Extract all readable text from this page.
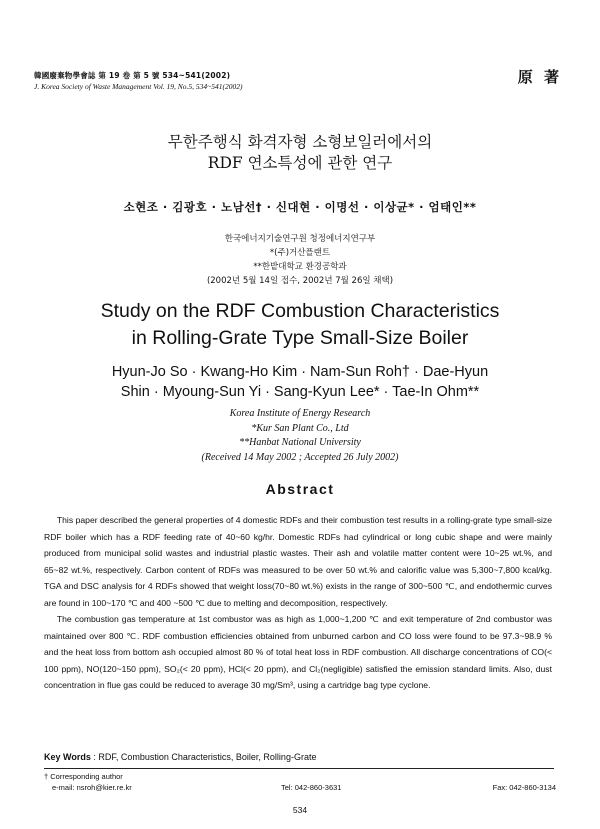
韓國廢棄物學會誌 第 19 卷 第 5 號 534~541(2002)
J. Korea Society of Waste Management Vol. 19, No.5, 534~541(2002)
原 著
무한주행식 화격자형 소형보일러에서의
RDF 연소특성에 관한 연구
소현조 · 김광호 · 노남선† · 신대현 · 이명선 · 이상균* · 엄태인**
한국에너지기술연구원 청정에너지연구부
*(주)거산플랜트
**한밭대학교 환경공학과
(2002년 5월 14일 접수, 2002년 7월 26일 채택)
Study on the RDF Combustion Characteristics
in Rolling-Grate Type Small-Size Boiler
Hyun-Jo So · Kwang-Ho Kim · Nam-Sun Roh† · Dae-Hyun
Shin · Myoung-Sun Yi · Sang-Kyun Lee* · Tae-In Ohm**
Korea Institute of Energy Research
*Kur San Plant Co., Ltd
**Hanbat National University
(Received 14 May 2002 ; Accepted 26 July 2002)
Abstract

This paper described the general properties of 4 domestic RDFs and their combustion test results in a rolling-grate type small-size RDF boiler which has a RDF feeding rate of 40~60 kg/hr. Domestic RDFs had cylindrical or long cubic shape and were mainly produced from municipal solid wastes and industrial plastic wastes. Their ash and volatile matter content were 10~25 wt.%, and 65~82 wt.%, respectively. Carbon content of RDFs was measured to be over 50 wt.% and calorific value was 5,300~7,800 kcal/kg. TGA and DSC analysis for 4 RDFs showed that weight loss(70~80 wt.%) exists in the range of 300~500 ℃, and endothermic curves are found in 100~170 ℃ and 400 ~500 ℃ due to melting and decomposition, respectively.

The combustion gas temperature at 1st combustor was as high as 1,000~1,200 ℃ and exit temperature of 2nd combustor was maintained over 800 ℃. RDF combustion efficiencies obtained from unburned carbon and CO loss were found to be 97.3~98.9 % and the heat loss from bottom ash occupied almost 80 % of total heat loss in RDF combustion. All discharge concentrations of CO(< 100 ppm), NO(120~150 ppm), SO₂(< 20 ppm), HCl(< 20 ppm), and Cl₂(negligible) satisfied the emission standard limits. Also, dust concentration in flue gas could be reduced to average 30 mg/Sm³, using a cartridge bag type cyclone.

Key Words : RDF, Combustion Characteristics, Boiler, Rolling-Grate
† Corresponding author
e-mail: nsroh@kier.re.kr	Tel: 042-860-3631	Fax: 042-860-3134
534
